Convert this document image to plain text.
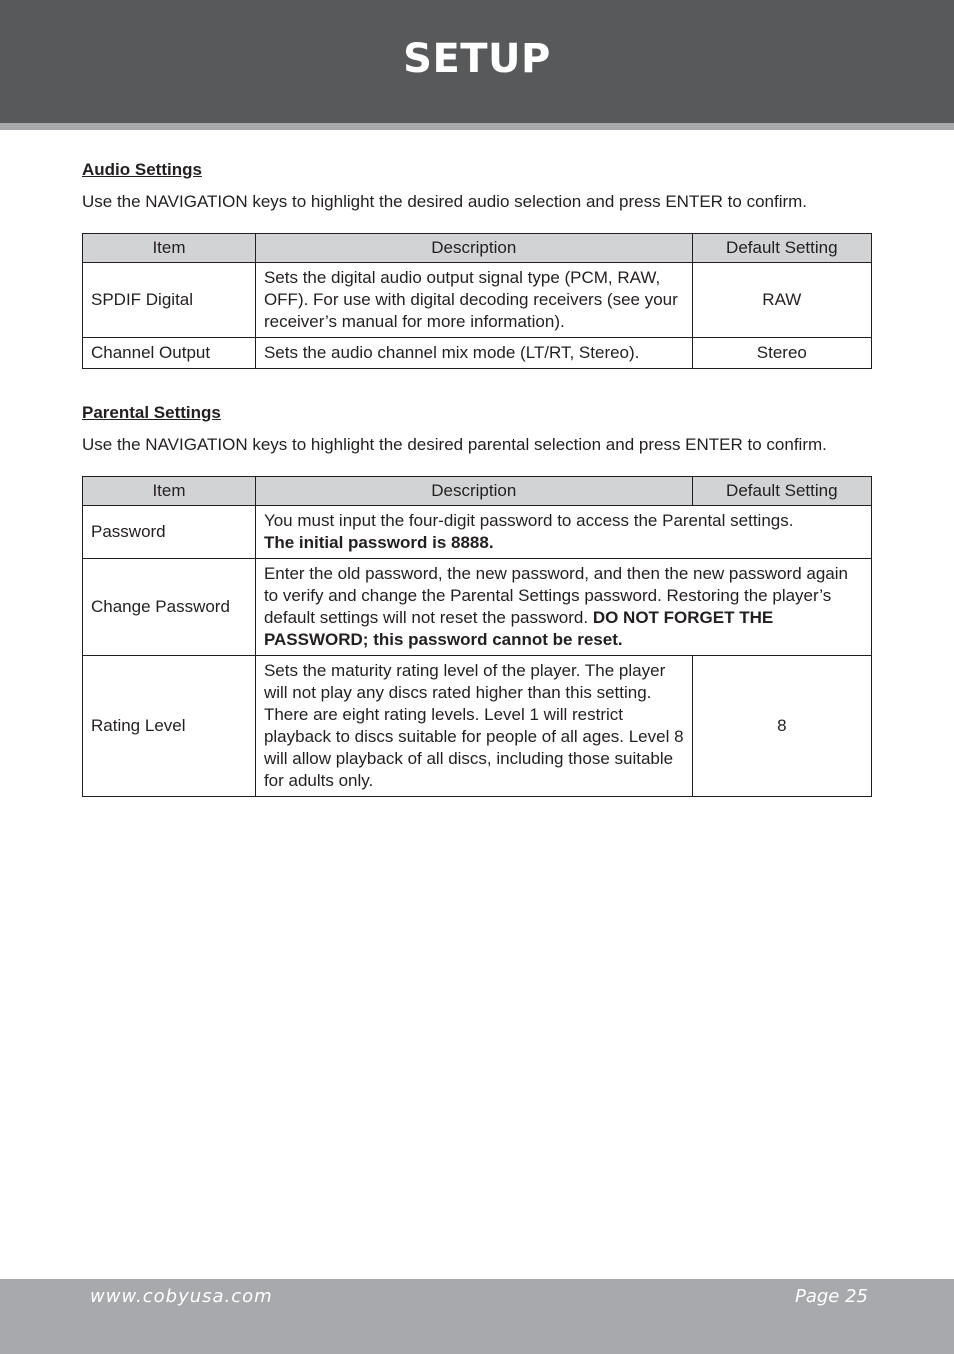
SETUP
Audio Settings

Use the NAVIGATION keys to highlight the desired audio selection and press ENTER to confirm.

Item	Description	Default Setting
SPDIF Digital	Sets the digital audio output signal type (PCM, RAW, OFF). For use with digital decoding receivers (see your receiver’s manual for more information).	RAW
Channel Output	Sets the audio channel mix mode (LT/RT, Stereo).	Stereo
Parental Settings

Use the NAVIGATION keys to highlight the desired parental selection and press ENTER to confirm.

Item	Description	Default Setting
Password	You must input the four-digit password to access the Parental settings.
The initial password is 8888.	
Change Password	Enter the old password, the new password, and then the new password again to verify and change the Parental Settings password. Restoring the player’s default settings will not reset the password. DO NOT FORGET THE PASSWORD; this password cannot be reset.	
Rating Level	Sets the maturity rating level of the player. The player will not play any discs rated higher than this setting.
There are eight rating levels. Level 1 will restrict playback to discs suitable for people of all ages. Level 8 will allow playback of all discs, including those suitable for adults only.	8
www.cobyusa.com	Page 25
